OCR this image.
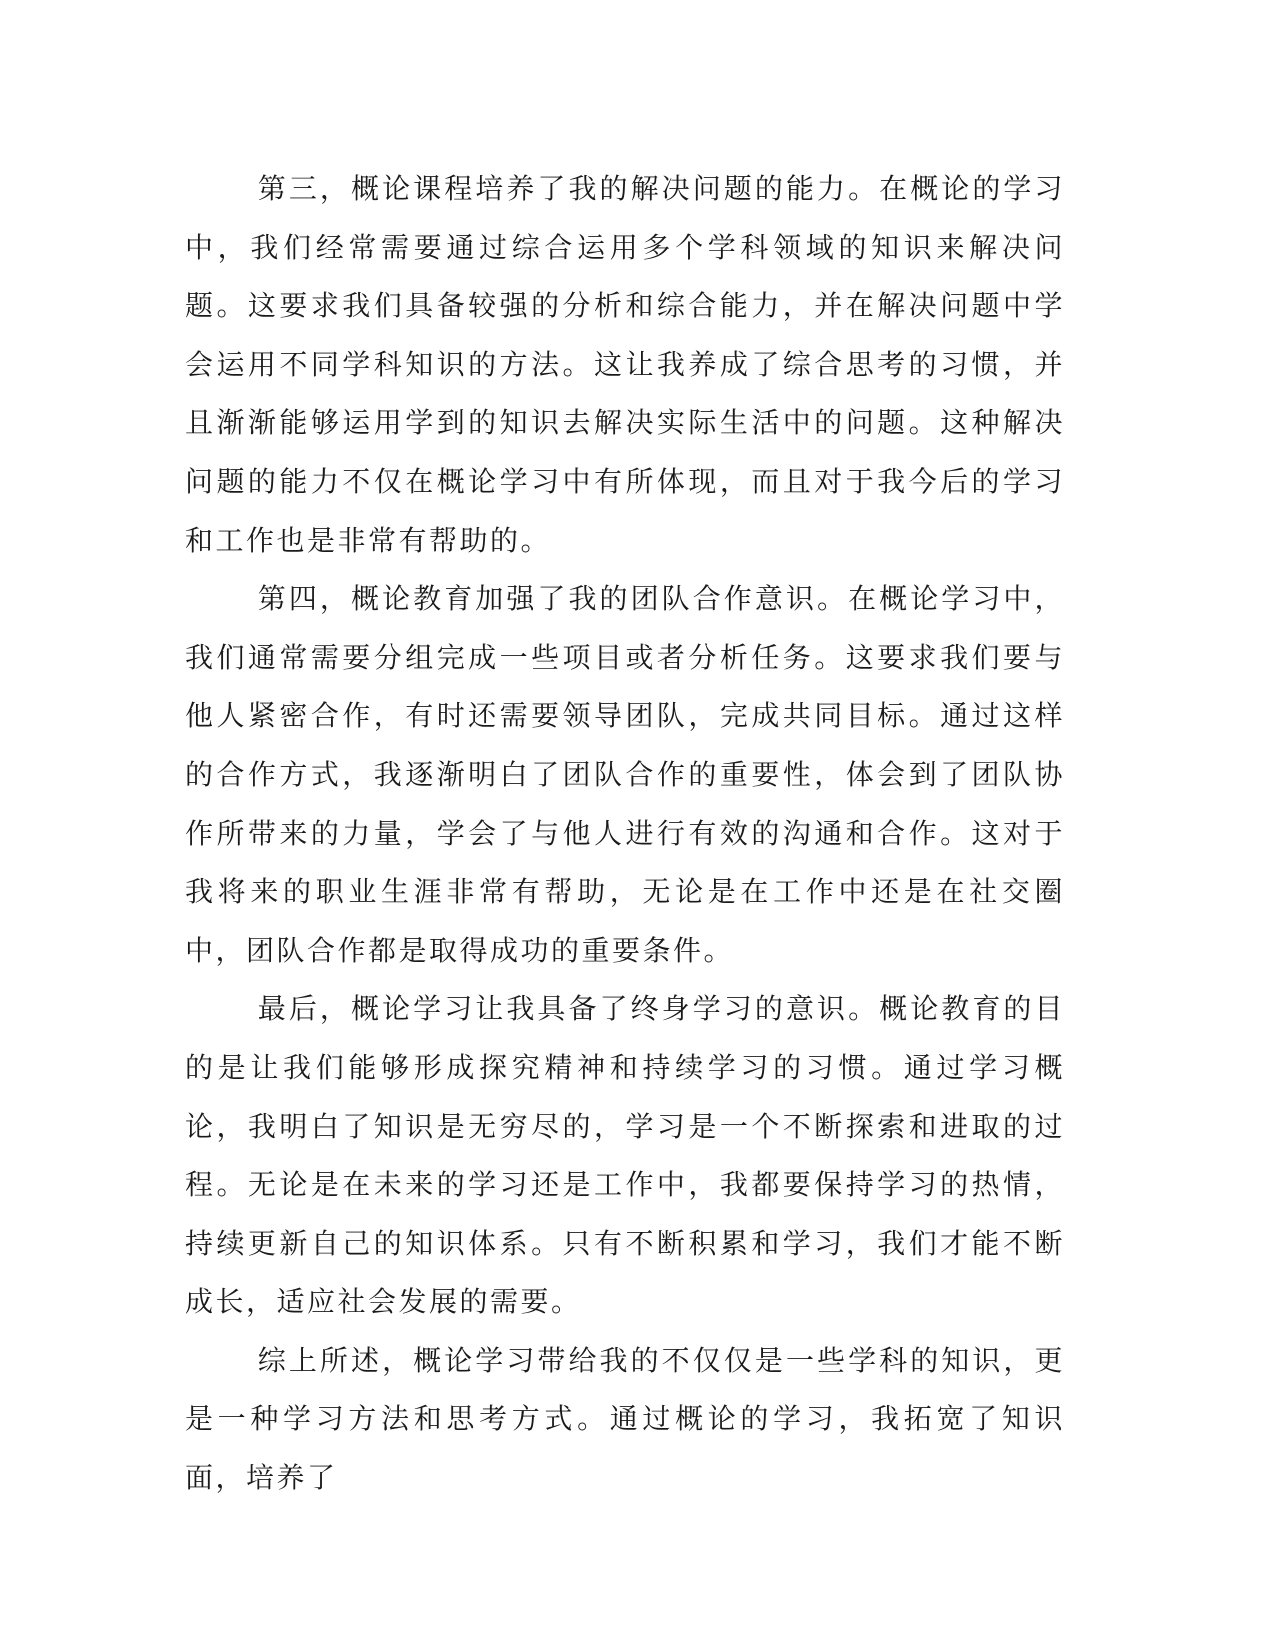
第三，概论课程培养了我的解决问题的能力。在概论的学习中，我们经常需要通过综合运用多个学科领域的知识来解决问题。这要求我们具备较强的分析和综合能力，并在解决问题中学会运用不同学科知识的方法。这让我养成了综合思考的习惯，并且渐渐能够运用学到的知识去解决实际生活中的问题。这种解决问题的能力不仅在概论学习中有所体现，而且对于我今后的学习和工作也是非常有帮助的。

第四，概论教育加强了我的团队合作意识。在概论学习中，我们通常需要分组完成一些项目或者分析任务。这要求我们要与他人紧密合作，有时还需要领导团队，完成共同目标。通过这样的合作方式，我逐渐明白了团队合作的重要性，体会到了团队协作所带来的力量，学会了与他人进行有效的沟通和合作。这对于我将来的职业生涯非常有帮助，无论是在工作中还是在社交圈中，团队合作都是取得成功的重要条件。

最后，概论学习让我具备了终身学习的意识。概论教育的目的是让我们能够形成探究精神和持续学习的习惯。通过学习概论，我明白了知识是无穷尽的，学习是一个不断探索和进取的过程。无论是在未来的学习还是工作中，我都要保持学习的热情，持续更新自己的知识体系。只有不断积累和学习，我们才能不断成长，适应社会发展的需要。

综上所述，概论学习带给我的不仅仅是一些学科的知识，更是一种学习方法和思考方式。通过概论的学习，我拓宽了知识面，培养了
